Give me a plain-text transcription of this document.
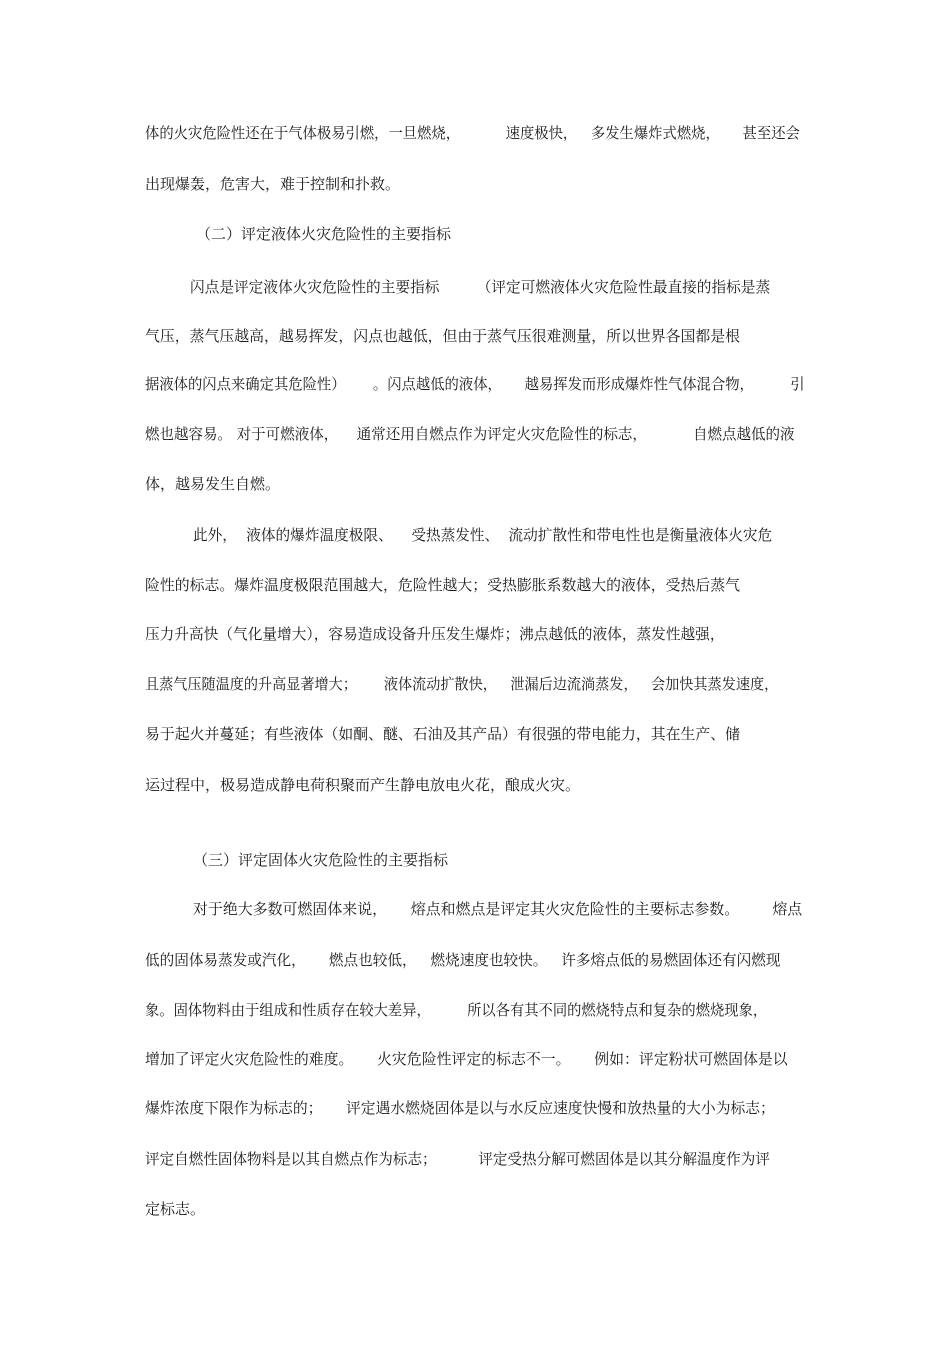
体的火灾危险性还在于气体极易引燃，一旦燃烧，          速度极快，   多发生爆炸式燃烧，     甚至还会
出现爆轰，危害大，难于控制和扑救。
（二）评定液体火灾危险性的主要指标
闪点是评定液体火灾危险性的主要指标        （评定可燃液体火灾危险性最直接的指标是蒸
气压，蒸气压越高，越易挥发，闪点也越低，但由于蒸气压很难测量，所以世界各国都是根
据液体的闪点来确定其危险性）      。闪点越低的液体，     越易挥发而形成爆炸性气体混合物，        引
燃也越容易。 对于可燃液体，    通常还用自燃点作为评定火灾危险性的标志，          自燃点越低的液
体，越易发生自燃。
此外，  液体的爆炸温度极限、    受热蒸发性、  流动扩散性和带电性也是衡量液体火灾危
险性的标志。爆炸温度极限范围越大，危险性越大；受热膨胀系数越大的液体，受热后蒸气
压力升高快（气化量增大），容易造成设备升压发生爆炸；沸点越低的液体，蒸发性越强，
且蒸气压随温度的升高显著增大；      液体流动扩散快，   泄漏后边流淌蒸发，   会加快其蒸发速度，
易于起火并蔓延；有些液体（如酮、醚、石油及其产品）有很强的带电能力，其在生产、储
运过程中，极易造成静电荷积聚而产生静电放电火花，酿成火灾。
（三）评定固体火灾危险性的主要指标
对于绝大多数可燃固体来说，     熔点和燃点是评定其火灾危险性的主要标志参数。       熔点
低的固体易蒸发或汽化，     燃点也较低，   燃烧速度也较快。   许多熔点低的易燃固体还有闪燃现
象。固体物料由于组成和性质存在较大差异，        所以各有其不同的燃烧特点和复杂的燃烧现象，
增加了评定火灾危险性的难度。     火灾危险性评定的标志不一。     例如：评定粉状可燃固体是以
爆炸浓度下限作为标志的；     评定遇水燃烧固体是以与水反应速度快慢和放热量的大小为标志；
评定自燃性固体物料是以其自燃点作为标志；         评定受热分解可燃固体是以其分解温度作为评
定标志。
